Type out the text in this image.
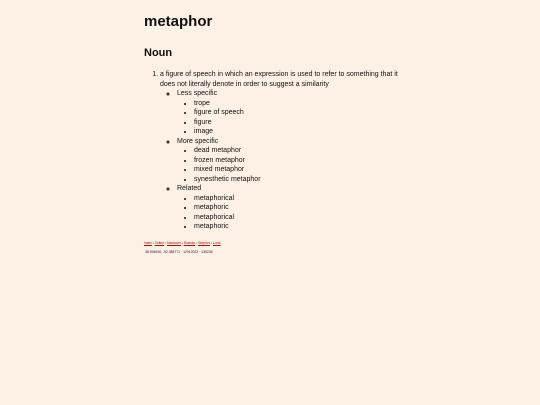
metaphor
Noun
1. a figure of speech in which an expression is used to refer to something that it does not literally denote in order to suggest a similarity
◦ Less specific
• trope
• figure of speech
• figure
• image
◦ More specific
• dead metaphor
• frozen metaphor
• mixed metaphor
• synesthetic metaphor
◦ Related
• metaphorical
• metaphoric
• metaphorical
• metaphoric
Index • Twitter • Mastodon • Bluesky • Skeptics • Local
38.934906, -92.388771 · 12012022 · 135236
